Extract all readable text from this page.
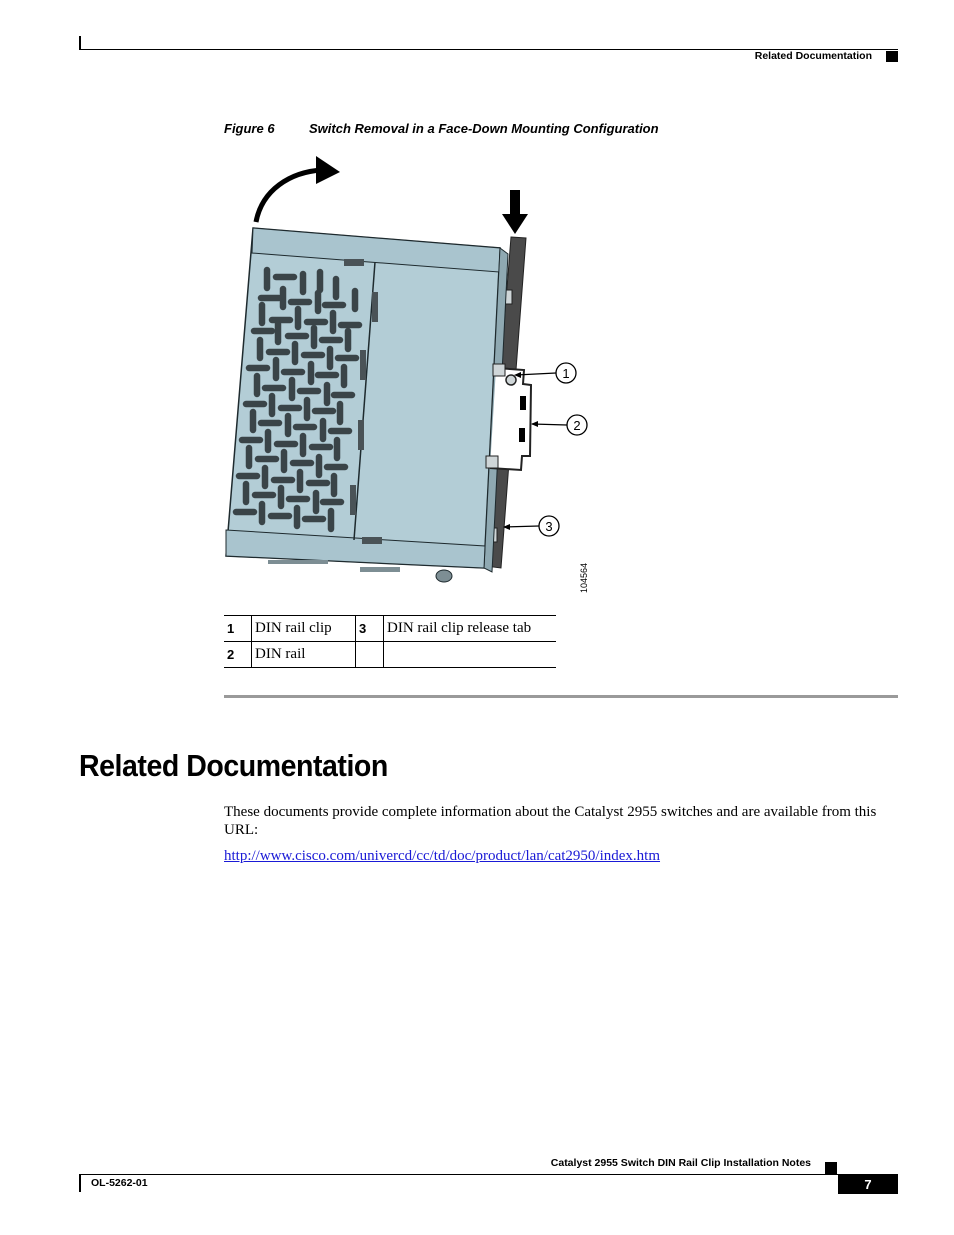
Related Documentation
Figure 6	Switch Removal in a Face-Down Mounting Configuration
1
2
3
104564
1	DIN rail clip	3	DIN rail clip release tab
2	DIN rail		
Related Documentation
These documents provide complete information about the Catalyst 2955 switches and are available from this URL:
http://www.cisco.com/univercd/cc/td/doc/product/lan/cat2950/index.htm
Catalyst 2955 Switch DIN Rail Clip Installation Notes
OL-5262-01	7
